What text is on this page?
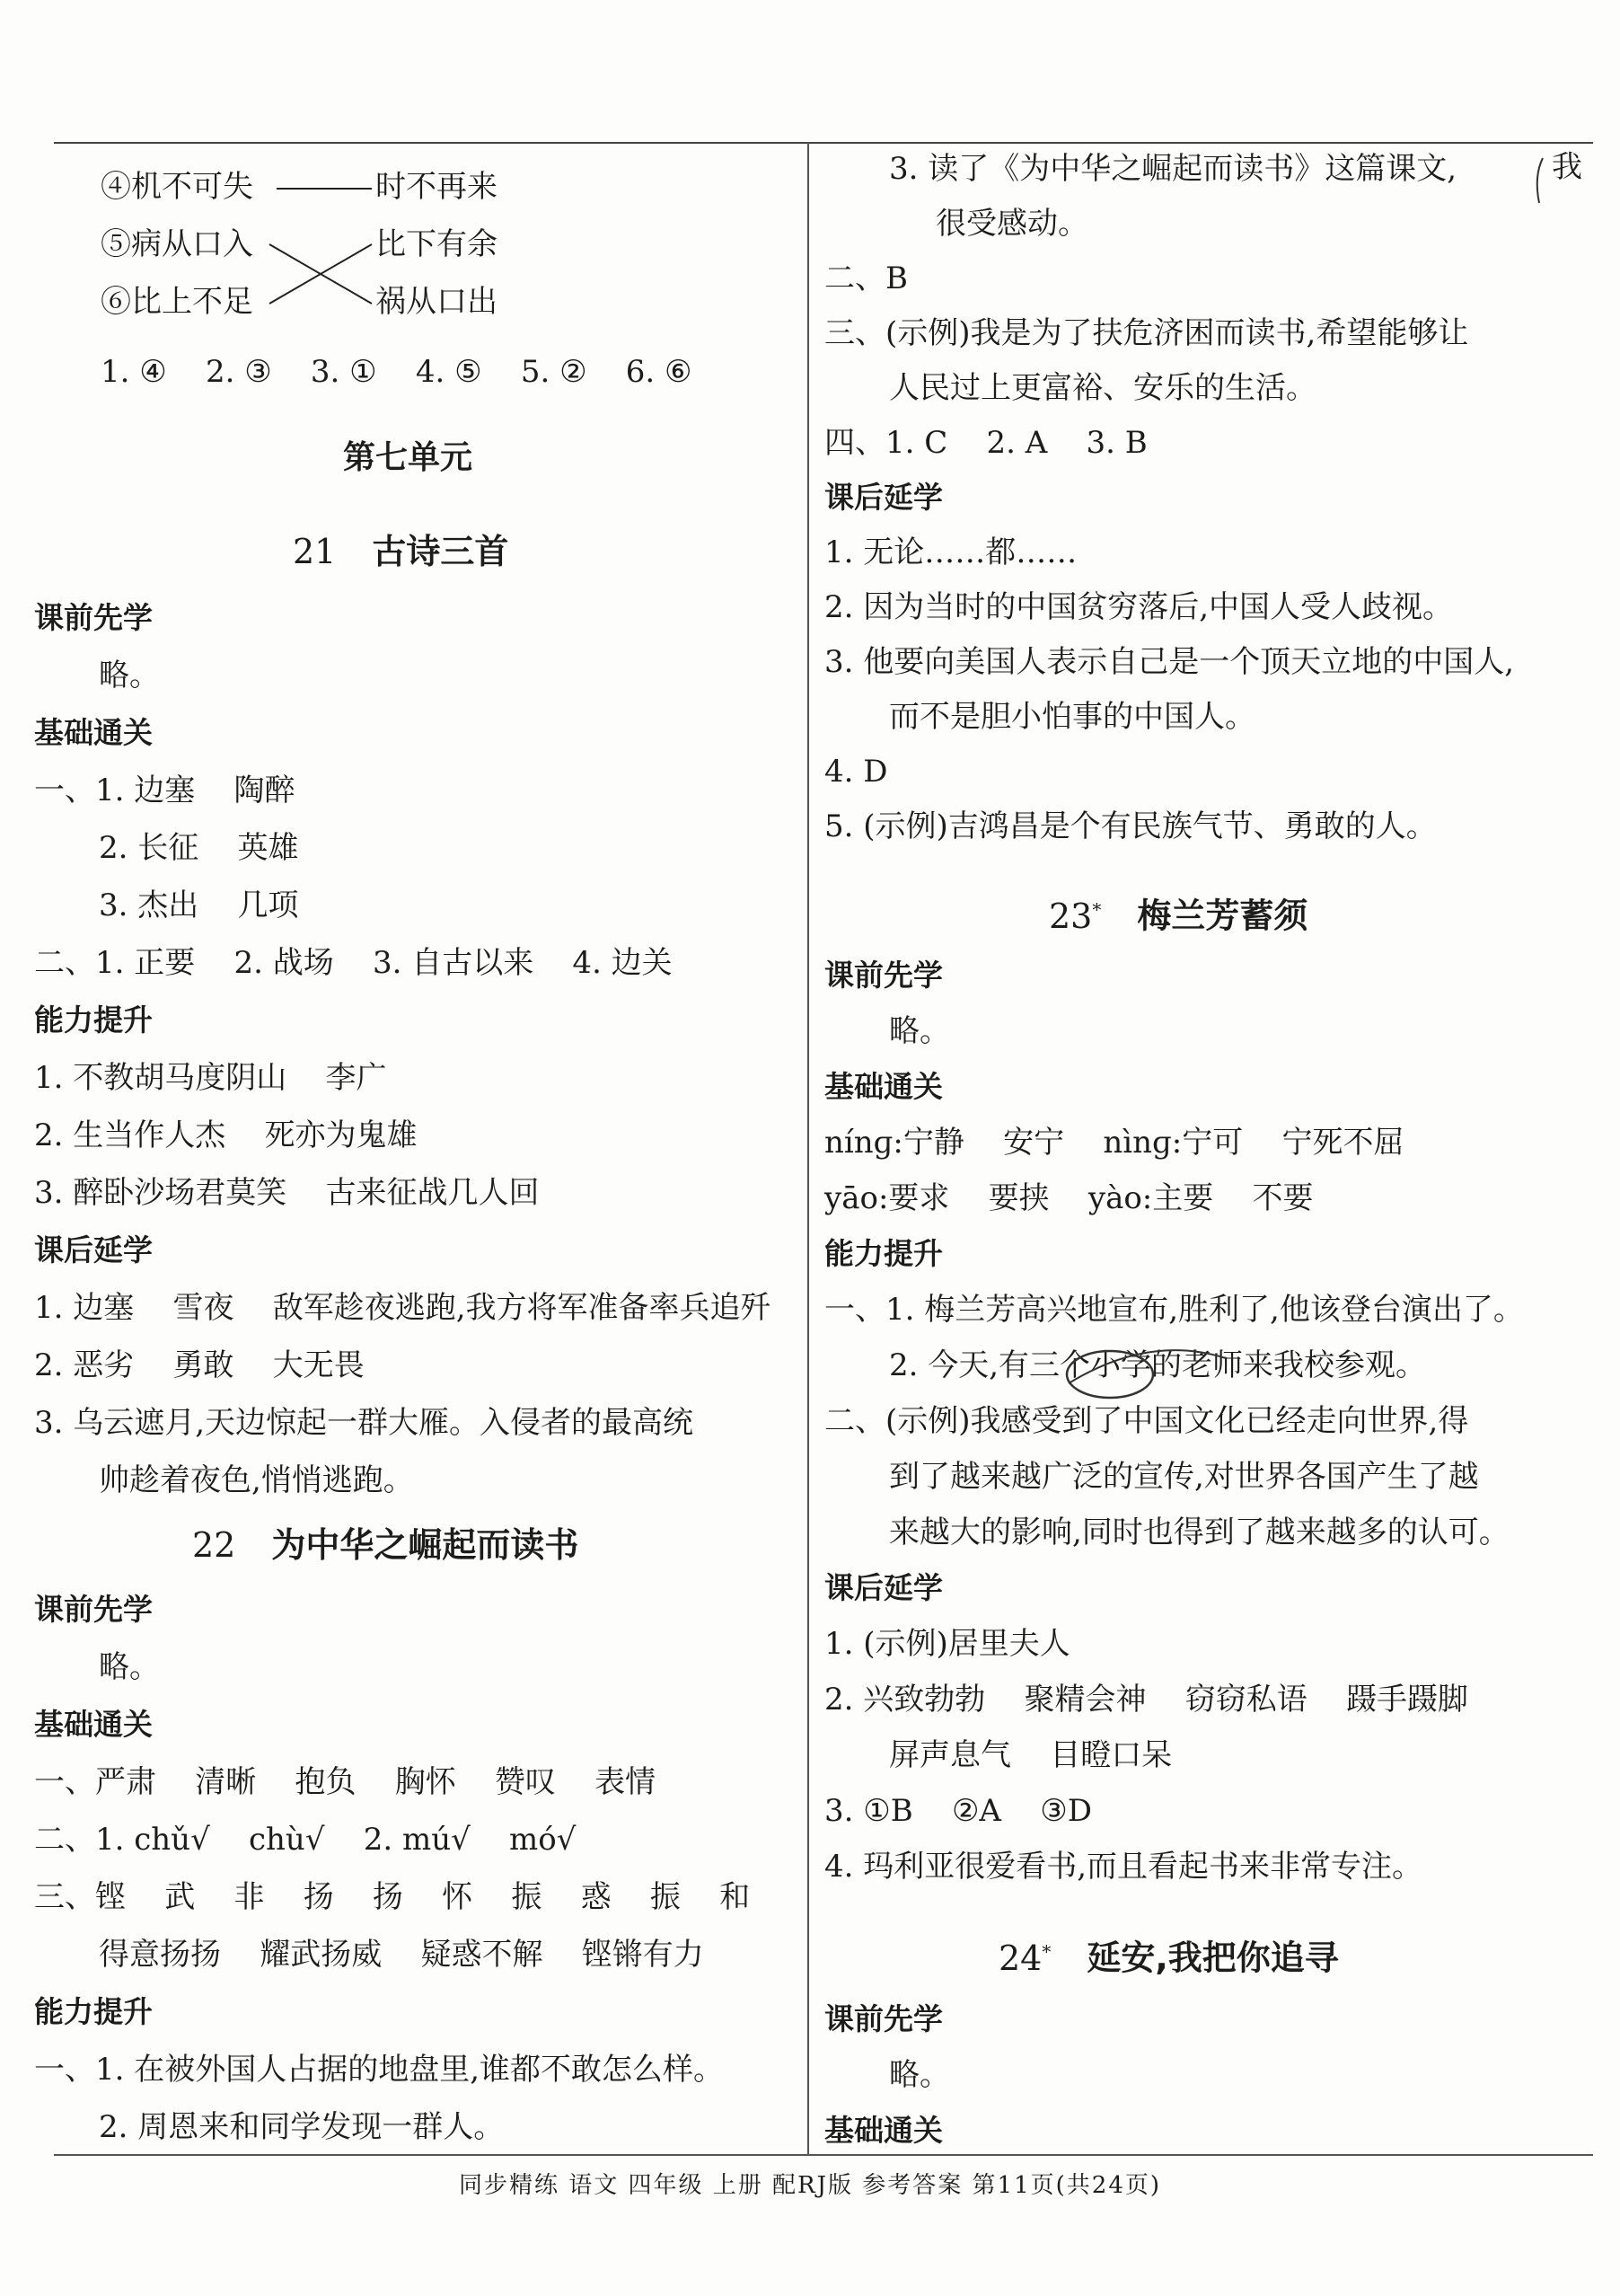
④机不可失
⑤病从口入
⑥比上不足
时不再来
比下有余
祸从口出
1. ④    2. ③    3. ①    4. ⑤    5. ②    6. ⑥
第七单元
21 古诗三首
课前先学
略。
基础通关
一、1. 边塞    陶醉
2. 长征    英雄
3. 杰出    几项
二、1. 正要    2. 战场    3. 自古以来    4. 边关
能力提升
1. 不教胡马度阴山    李广
2. 生当作人杰    死亦为鬼雄
3. 醉卧沙场君莫笑    古来征战几人回
课后延学
1. 边塞    雪夜    敌军趁夜逃跑,我方将军准备率兵追歼
2. 恶劣    勇敢    大无畏
3. 乌云遮月,天边惊起一群大雁。入侵者的最高统
帅趁着夜色,悄悄逃跑。
22 为中华之崛起而读书
课前先学
略。
基础通关
一、严肃    清晰    抱负    胸怀    赞叹    表情
二、1. chǔ√    chù√    2. mú√    mó√
三、铿    武    非    扬    扬    怀    振    惑    振    和
得意扬扬    耀武扬威    疑惑不解    铿锵有力
能力提升
一、1. 在被外国人占据的地盘里,谁都不敢怎么样。
2. 周恩来和同学发现一群人。
3. 读了《为中华之崛起而读书》这篇课文,
很受感动。
二、B
三、(示例)我是为了扶危济困而读书,希望能够让
人民过上更富裕、安乐的生活。
四、1. C    2. A    3. B
课后延学
1. 无论……都……
2. 因为当时的中国贫穷落后,中国人受人歧视。
3. 他要向美国人表示自己是一个顶天立地的中国人,
而不是胆小怕事的中国人。
4. D
5. (示例)吉鸿昌是个有民族气节、勇敢的人。
我
23* 梅兰芳蓄须
课前先学
略。
基础通关
nínɡ:宁静    安宁    nìnɡ:宁可    宁死不屈
yāo:要求    要挟    yào:主要    不要
能力提升
一、1. 梅兰芳高兴地宣布,胜利了,他该登台演出了。
2. 今天,有三个小学的老师来我校参观。
二、(示例)我感受到了中国文化已经走向世界,得
到了越来越广泛的宣传,对世界各国产生了越
来越大的影响,同时也得到了越来越多的认可。
课后延学
1. (示例)居里夫人
2. 兴致勃勃    聚精会神    窃窃私语    蹑手蹑脚
屏声息气    目瞪口呆
3. ①B    ②A    ③D
4. 玛利亚很爱看书,而且看起书来非常专注。
24* 延安,我把你追寻
课前先学
略。
基础通关
同步精练 语文 四年级 上册 配RJ版 参考答案 第11页(共24页)
